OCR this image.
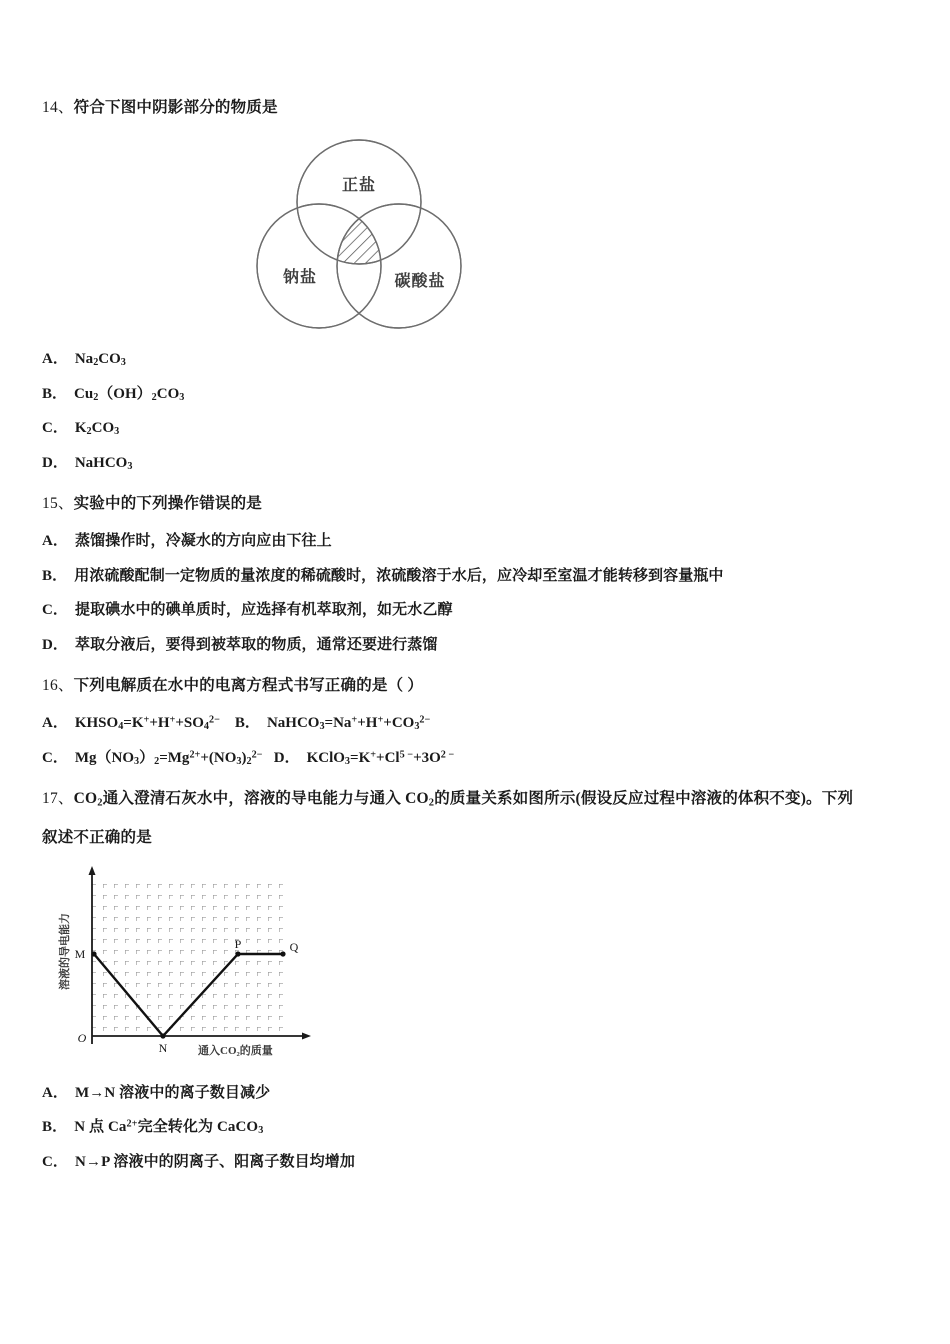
14、符合下图中阴影部分的物质是

正盐
钠盐	碳酸盐

A． $Na_2CO_3$

B． $Cu_2(OH)_2CO_3$

C． $K_2CO_3$

D． NaHCO$_3$

15、实验中的下列操作错误的是

A． 蒸馏操作时，冷凝水的方向应由下往上

B． 用浓硫酸配制一定物质的量浓度的稀硫酸时，浓硫酸溶于水后，应冷却至室温才能转移到容量瓶中

C． 提取碘水中的碘单质时，应选择有机萃取剂，如无水乙醇

D． 萃取分液后，要得到被萃取的物质，通常还要进行蒸馏

16、下列电解质在水中的电离方程式书写正确的是（ ）

A． $KHSO_4=K^++H^++SO_4^{2-}$ B． $NaHCO_3=Na^++H^++CO_3^{2-}$

C． $Mg(NO_3)_2=Mg^{2+}+(NO_3)_2^{2-}$ D． $KClO_3=K^++Cl^{5 -}+3O^{2 -}$

17、$CO_2$通入澄清石灰水中，溶液的导电能力与通入 $CO_2$的质量关系如图所示(假设反应过程中溶液的体积不变)。下列

叙述不正确的是

M
N
P	Q
O
溶液的导电能力
通入CO₂的质量

A． M→N 溶液中的离子数目减少

B． N 点 $Ca^{2+}$完全转化为 CaCO$_3$

C． N→P 溶液中的阴离子、阳离子数目均增加
